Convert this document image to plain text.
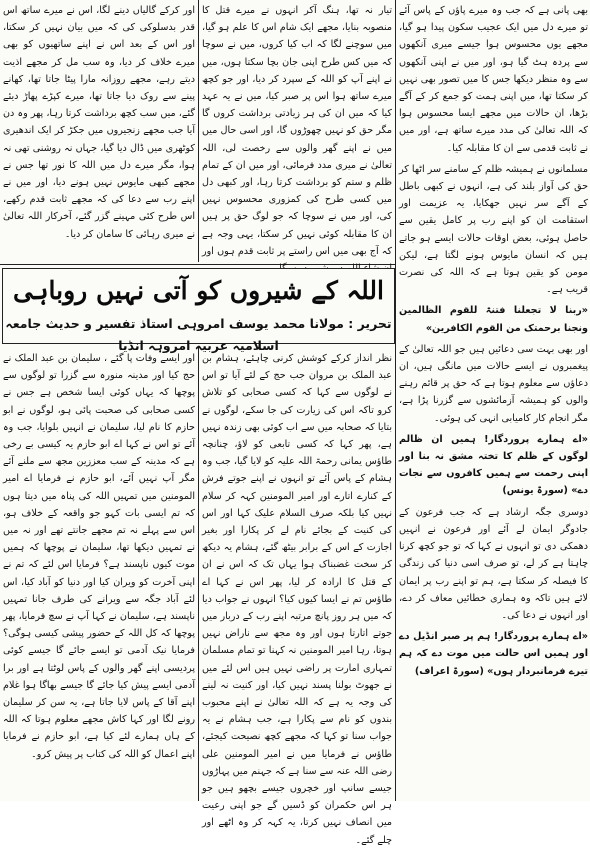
اور کرکے گالیاں دینے لگا، اس نے میرے ساتھ اس قدر بدسلوکی کی کہ میں بیان نہیں کر سکتا، اور اس کے بعد اس نے اپنے ساتھیوں کو بھی میرے خلاف کر دیا، وہ سب مل کر مجھے اذیت دیتے رہے، مجھے روزانہ مارا پیٹا جاتا تھا، کھانے پینے سے روک دیا جاتا تھا، میرے کپڑے پھاڑ دیئے گئے، میں سب کچھ برداشت کرتا رہا، پھر وہ دن آیا جب مجھے زنجیروں میں جکڑ کر ایک اندھیری کوٹھری میں ڈال دیا گیا، جہاں نہ روشنی تھی نہ ہوا، مگر میرے دل میں اللہ کا نور تھا جس نے مجھے کبھی مایوس نہیں ہونے دیا، اور میں نے اپنے رب سے دعا کی کہ مجھے ثابت قدم رکھے، اس طرح کئی مہینے گزر گئے، آخرکار اللہ تعالیٰ نے میری رہائی کا سامان کر دیا۔

تیار نہ تھا، ہنگ آکر انہوں نے میرے قتل کا منصوبہ بنایا، مجھے ایک شام اس کا علم ہو گیا، میں سوچنے لگا کہ اب کیا کروں، میں نے سوچا کہ میں کس طرح اپنی جان بچا سکتا ہوں، میں نے اپنے آپ کو اللہ کے سپرد کر دیا، اور جو کچھ میرے ساتھ ہوا اس پر صبر کیا، میں نے یہ عہد کیا کہ میں ان کی ہر زیادتی برداشت کروں گا مگر حق کو نہیں چھوڑوں گا، اور اسی حال میں میں نے اپنے گھر والوں سے رخصت لی، اللہ تعالیٰ نے میری مدد فرمائی، اور میں ان کے تمام ظلم و ستم کو برداشت کرتا رہا، اور کبھی دل میں کسی طرح کی کمزوری محسوس نہیں کی، اور میں نے سوچا کہ جو لوگ حق پر ہیں ان کا مقابلہ کوئی نہیں کر سکتا، یہی وجہ ہے کہ آج بھی میں اس راستے پر ثابت قدم ہوں اور

بھی پانی ہے کہ جب وہ میرے پاؤں کے پاس آئے تو میرے دل میں ایک عجیب سکون پیدا ہو گیا، مجھے یوں محسوس ہوا جیسے میری آنکھوں سے پردہ ہٹ گیا ہو، اور میں نے اپنی آنکھوں سے وہ منظر دیکھا جس کا میں تصور بھی نہیں کر سکتا تھا، میں اپنی ہمت کو جمع کر کے آگے بڑھا، ان حالات میں مجھے ایسا محسوس ہوا کہ اللہ تعالیٰ کی مدد میرے ساتھ ہے، اور میں نے ثابت قدمی سے ان کا مقابلہ کیا۔

مسلمانوں نے ہمیشہ ظلم کے سامنے سر اٹھا کر حق کی آواز بلند کی ہے، انہوں نے کبھی باطل کے آگے سر نہیں جھکایا، یہ عزیمت اور استقامت ان کو اپنے رب پر کامل یقین سے حاصل ہوئی، بعض اوقات حالات ایسے ہو جاتے ہیں کہ انسان مایوس ہونے لگتا ہے، لیکن مومن کو یقین ہوتا ہے کہ اللہ کی نصرت قریب ہے۔

«ربنا لا تجعلنا فتنۃ للقوم الظالمین ونجنا برحمتک من القوم الکافرین»

اور بھی بہت سی دعائیں ہیں جو اللہ تعالیٰ کے پیغمبروں نے ایسے حالات میں مانگی ہیں، ان دعاؤں سے معلوم ہوتا ہے کہ حق پر قائم رہنے والوں کو ہمیشہ آزمائشوں سے گزرنا پڑا ہے، مگر انجام کار کامیابی انہی کی ہوئی۔

«اے ہمارے پروردگار! ہمیں ان ظالم لوگوں کے ظلم کا تختہ مشق نہ بنا اور اپنی رحمت سے ہمیں کافروں سے نجات دے» (سورۃ یونس)

دوسری جگہ ارشاد ہے کہ جب فرعون کے جادوگر ایمان لے آئے اور فرعون نے انہیں دھمکی دی تو انہوں نے کہا کہ تو جو کچھ کرنا چاہتا ہے کر لے، تو صرف اسی دنیا کی زندگی کا فیصلہ کر سکتا ہے، ہم تو اپنے رب پر ایمان لائے ہیں تاکہ وہ ہماری خطائیں معاف کر دے، اور انہوں نے دعا کی۔

«اے ہمارے پروردگار! ہم پر صبر انڈیل دے اور ہمیں اس حالت میں موت دے کہ ہم تیرے فرمانبردار ہوں» (سورۃ اعراف)

اللہ کے شیروں کو آتی نہیں روباہی
تحریر : مولانا محمد یوسف امروہی استاذ تفسیر و حدیث جامعہ اسلامیہ عربیہ امروہہ انڈیا

نظر انداز کرکے کوشش کرنی چاہئے، ہشام بن عبد الملک بن مروان جب حج کے لئے آیا تو اس نے لوگوں سے کہا کہ کسی صحابی کو تلاش کرو تاکہ اس کی زیارت کی جا سکے، لوگوں نے بتایا کہ صحابہ میں سے اب کوئی بھی زندہ نہیں ہے، پھر کہا کہ کسی تابعی کو لاؤ، چنانچہ طاؤس یمانی رحمۃ اللہ علیہ کو لایا گیا، جب وہ ہشام کے پاس آئے تو انہوں نے اپنے جوتے فرش کے کنارے اتارے اور امیر المومنین کہہ کر سلام نہیں کیا بلکہ صرف السلام علیک کہا اور اس کی کنیت کے بجائے نام لے کر پکارا اور بغیر اجازت کے اس کے برابر بیٹھ گئے، ہشام یہ دیکھ کر سخت غضبناک ہوا یہاں تک کہ اس نے ان کے قتل کا ارادہ کر لیا، پھر اس نے کہا اے طاؤس تم نے ایسا کیوں کیا؟ انہوں نے جواب دیا کہ میں ہر روز پانچ مرتبہ اپنے رب کے دربار میں جوتے اتارتا ہوں اور وہ مجھ سے ناراض نہیں ہوتا، رہا امیر المومنین نہ کہنا تو تمام مسلمان تمہاری امارت پر راضی نہیں ہیں اس لئے میں نے جھوٹ بولنا پسند نہیں کیا، اور کنیت نہ لینے کی وجہ یہ ہے کہ اللہ تعالیٰ نے اپنے محبوب بندوں کو نام سے پکارا ہے، جب ہشام نے یہ جواب سنا تو کہا کہ مجھے کچھ نصیحت کیجئے، طاؤس نے فرمایا میں نے امیر المومنین علی رضی اللہ عنہ سے سنا ہے کہ جہنم میں پہاڑوں جیسے سانپ اور خچروں جیسے بچھو ہیں جو ہر اس حکمران کو ڈسیں گے جو اپنی رعیت میں انصاف نہیں کرتا، یہ کہہ کر وہ اٹھے اور چلے گئے۔

اور ایسے وفات پا گئے ، سلیمان بن عبد الملک نے حج کیا اور مدینہ منورہ سے گزرا تو لوگوں سے پوچھا کہ یہاں کوئی ایسا شخص ہے جس نے کسی صحابی کی صحبت پائی ہو، لوگوں نے ابو حازم کا نام لیا، سلیمان نے انہیں بلوایا، جب وہ آئے تو اس نے کہا اے ابو حازم یہ کیسی بے رخی ہے کہ مدینہ کے سب معززین مجھ سے ملنے آئے مگر آپ نہیں آئے، ابو حازم نے فرمایا اے امیر المومنین میں تمہیں اللہ کی پناہ میں دیتا ہوں کہ تم ایسی بات کہو جو واقعہ کے خلاف ہو، اس سے پہلے نہ تم مجھے جانتے تھے اور نہ میں نے تمہیں دیکھا تھا، سلیمان نے پوچھا کہ ہمیں موت کیوں ناپسند ہے؟ فرمایا اس لئے کہ تم نے اپنی آخرت کو ویران کیا اور دنیا کو آباد کیا، اس لئے آباد جگہ سے ویرانے کی طرف جانا تمہیں ناپسند ہے، سلیمان نے کہا آپ نے سچ فرمایا، پھر پوچھا کہ کل اللہ کے حضور پیشی کیسی ہوگی؟ فرمایا نیک آدمی تو ایسے جائے گا جیسے کوئی پردیسی اپنے گھر والوں کے پاس لوٹتا ہے اور برا آدمی ایسے پیش کیا جائے گا جیسے بھاگا ہوا غلام اپنے آقا کے پاس لایا جاتا ہے، یہ سن کر سلیمان رونے لگا اور کہا کاش مجھے معلوم ہوتا کہ اللہ کے ہاں ہمارے لئے کیا ہے، ابو حازم نے فرمایا اپنے اعمال کو اللہ کی کتاب پر پیش کرو۔
